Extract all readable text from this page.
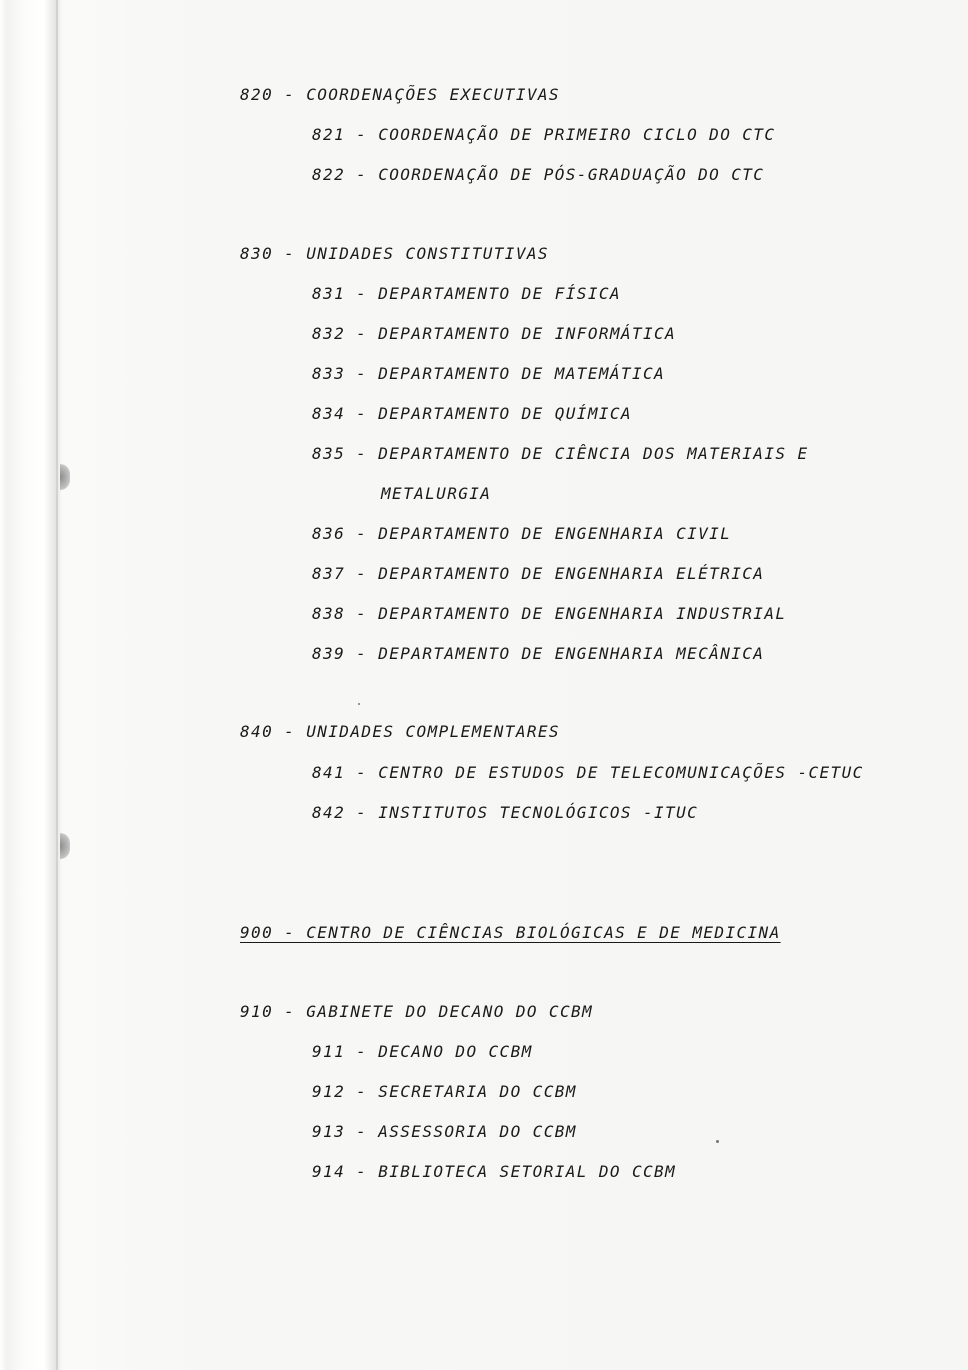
820 - COORDENAÇÕES EXECUTIVAS
821 - COORDENAÇÃO DE PRIMEIRO CICLO DO CTC
822 - COORDENAÇÃO DE PÓS-GRADUAÇÃO DO CTC
830 - UNIDADES CONSTITUTIVAS
831 - DEPARTAMENTO DE FÍSICA
832 - DEPARTAMENTO DE INFORMÁTICA
833 - DEPARTAMENTO DE MATEMÁTICA
834 - DEPARTAMENTO DE QUÍMICA
835 - DEPARTAMENTO DE CIÊNCIA DOS MATERIAIS E
METALURGIA
836 - DEPARTAMENTO DE ENGENHARIA CIVIL
837 - DEPARTAMENTO DE ENGENHARIA ELÉTRICA
838 - DEPARTAMENTO DE ENGENHARIA INDUSTRIAL
839 - DEPARTAMENTO DE ENGENHARIA MECÂNICA
840 - UNIDADES COMPLEMENTARES
841 - CENTRO DE ESTUDOS DE TELECOMUNICAÇÕES -CETUC
842 - INSTITUTOS TECNOLÓGICOS -ITUC
900 - CENTRO DE CIÊNCIAS BIOLÓGICAS E DE MEDICINA
910 - GABINETE DO DECANO DO CCBM
911 - DECANO DO CCBM
912 - SECRETARIA DO CCBM
913 - ASSESSORIA DO CCBM
914 - BIBLIOTECA SETORIAL DO CCBM
